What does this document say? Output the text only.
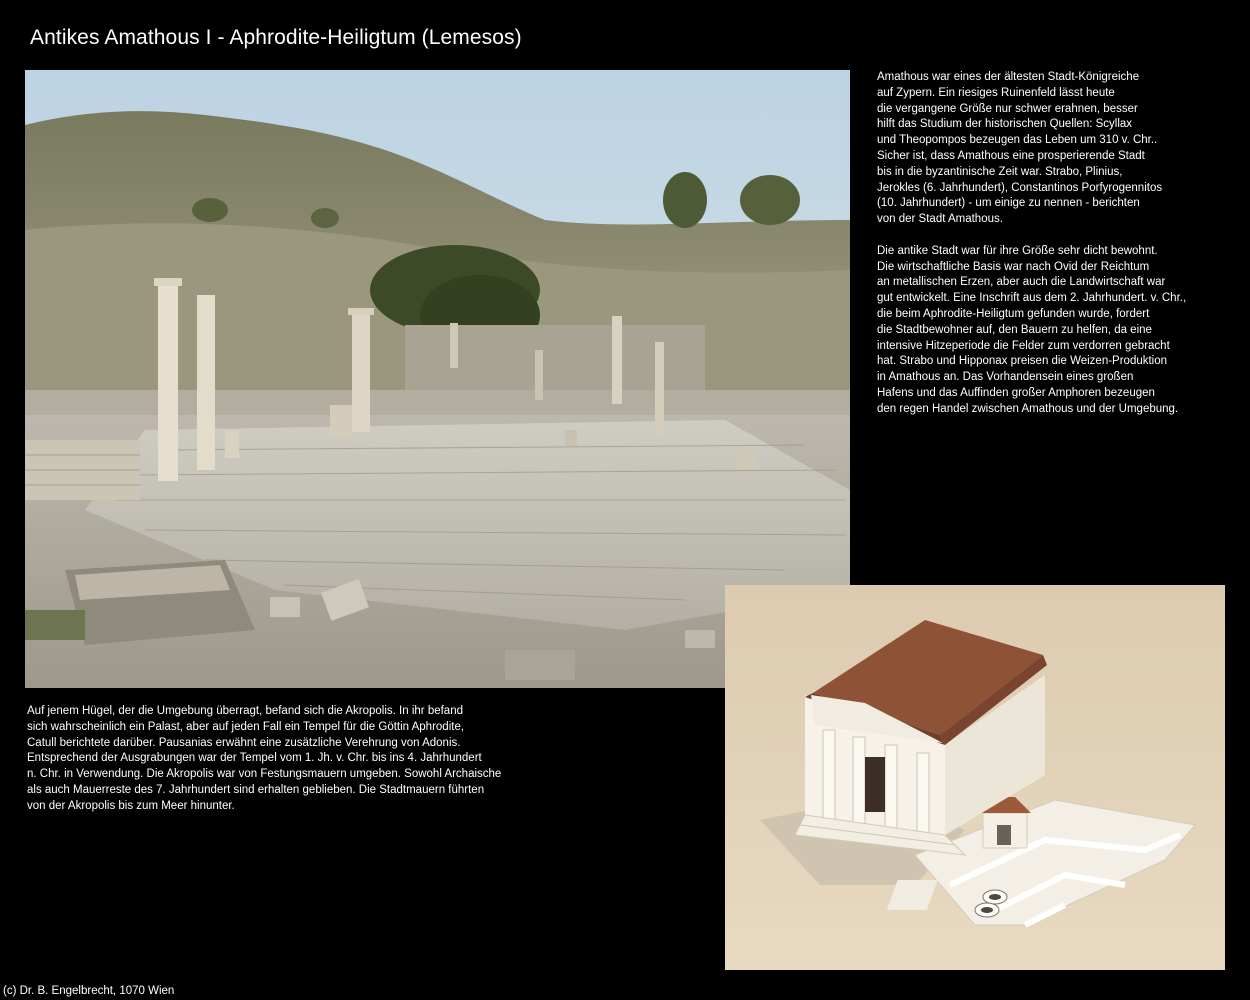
Antikes Amathous I - Aphrodite-Heiligtum (Lemesos)
Amathous war eines der ältesten Stadt-Königreiche
auf Zypern. Ein riesiges Ruinenfeld lässt heute
die vergangene Größe nur schwer erahnen, besser
hilft das Studium der historischen Quellen: Scyllax
und Theopompos bezeugen das Leben um 310 v. Chr..
Sicher ist, dass Amathous eine prosperierende Stadt
bis in die byzantinische Zeit war. Strabo, Plinius,
Jerokles (6. Jahrhundert), Constantinos Porfyrogennitos
(10. Jahrhundert) - um einige zu nennen - berichten
von der Stadt Amathous.
Die antike Stadt war für ihre Größe sehr dicht bewohnt.
Die wirtschaftliche Basis war nach Ovid der Reichtum
an metallischen Erzen, aber auch die Landwirtschaft war
gut entwickelt. Eine Inschrift aus dem 2. Jahrhundert. v. Chr.,
die beim Aphrodite-Heiligtum gefunden wurde, fordert
die Stadtbewohner auf, den Bauern zu helfen, da eine
intensive Hitzeperiode die Felder zum verdorren gebracht
hat. Strabo und Hipponax preisen die Weizen-Produktion
in Amathous an. Das Vorhandensein eines großen
Hafens und das Auffinden großer Amphoren bezeugen
den regen Handel zwischen Amathous und der Umgebung.
Auf jenem Hügel, der die Umgebung überragt, befand sich die Akropolis. In ihr befand
sich wahrscheinlich ein Palast, aber auf jeden Fall ein Tempel für die Göttin Aphrodite,
Catull berichtete darüber. Pausanias erwähnt eine zusätzliche Verehrung von Adonis.
Entsprechend der Ausgrabungen war der Tempel vom 1. Jh. v. Chr. bis ins 4. Jahrhundert
n. Chr. in Verwendung. Die Akropolis war von Festungsmauern umgeben. Sowohl Archaische
als auch Mauerreste des 7. Jahrhundert sind erhalten geblieben. Die Stadtmauern führten
von der Akropolis bis zum Meer hinunter.
(c) Dr. B. Engelbrecht, 1070 Wien
